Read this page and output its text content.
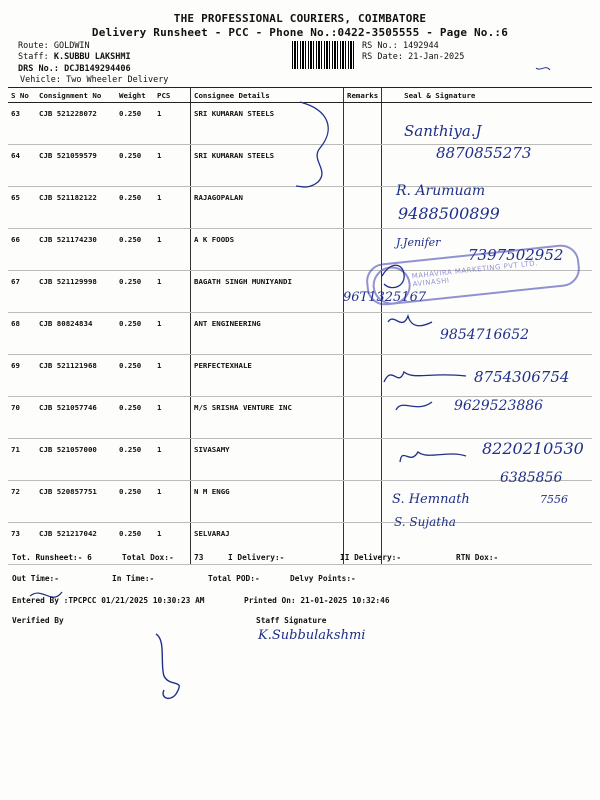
THE PROFESSIONAL COURIERS, COIMBATORE
Delivery Runsheet - PCC - Phone No.:0422-3505555 - Page No.:6
Route: GOLDWIN
Staff: K.SUBBU LAKSHMI
DRS No.: DCJB149294406
Vehicle: Two Wheeler Delivery
RS No.: 1492944
RS Date: 21-Jan-2025
S No	Consignment No	Weight	PCS	Consignee Details	Remarks	Seal & Signature
63	CJB 521228072	0.250	1	SRI KUMARAN STEELS		
64	CJB 521059579	0.250	1	SRI KUMARAN STEELS		
65	CJB 521182122	0.250	1	RAJAGOPALAN		
66	CJB 521174230	0.250	1	A K FOODS		
67	CJB 521129998	0.250	1	BAGATH SINGH MUNIYANDI		
68	CJB 80824834	0.250	1	ANT ENGINEERING		
69	CJB 521121968	0.250	1	PERFECTEXHALE		
70	CJB 521057746	0.250	1	M/S SRISHA VENTURE INC		
71	CJB 521057000	0.250	1	SIVASAMY		
72	CJB 520857751	0.250	1	N M ENGG		
73	CJB 521217042	0.250	1	SELVARAJ		
Santhiya.J
8870855273
R. Arumuam
9488500899
J.Jenifer
7397502952
MAHAVIRA MARKETING PVT LTD. AVINASHI
96T1325167
9854716652
8754306754
9629523886
8220210530
6385856
7556
S. Hemnath
S. Sujatha
Tot. Runsheet:- 6	Total Dox:-	73	I Delivery:-	II Delivery:-	RTN Dox:-
Out Time:-	In Time:-	Total POD:-	Delvy Points:-
Entered By :TPCPCC 01/21/2025 10:30:23 AM	Printed On: 21-01-2025 10:32:46
Verified By	Staff Signature
K.Subbulakshmi
